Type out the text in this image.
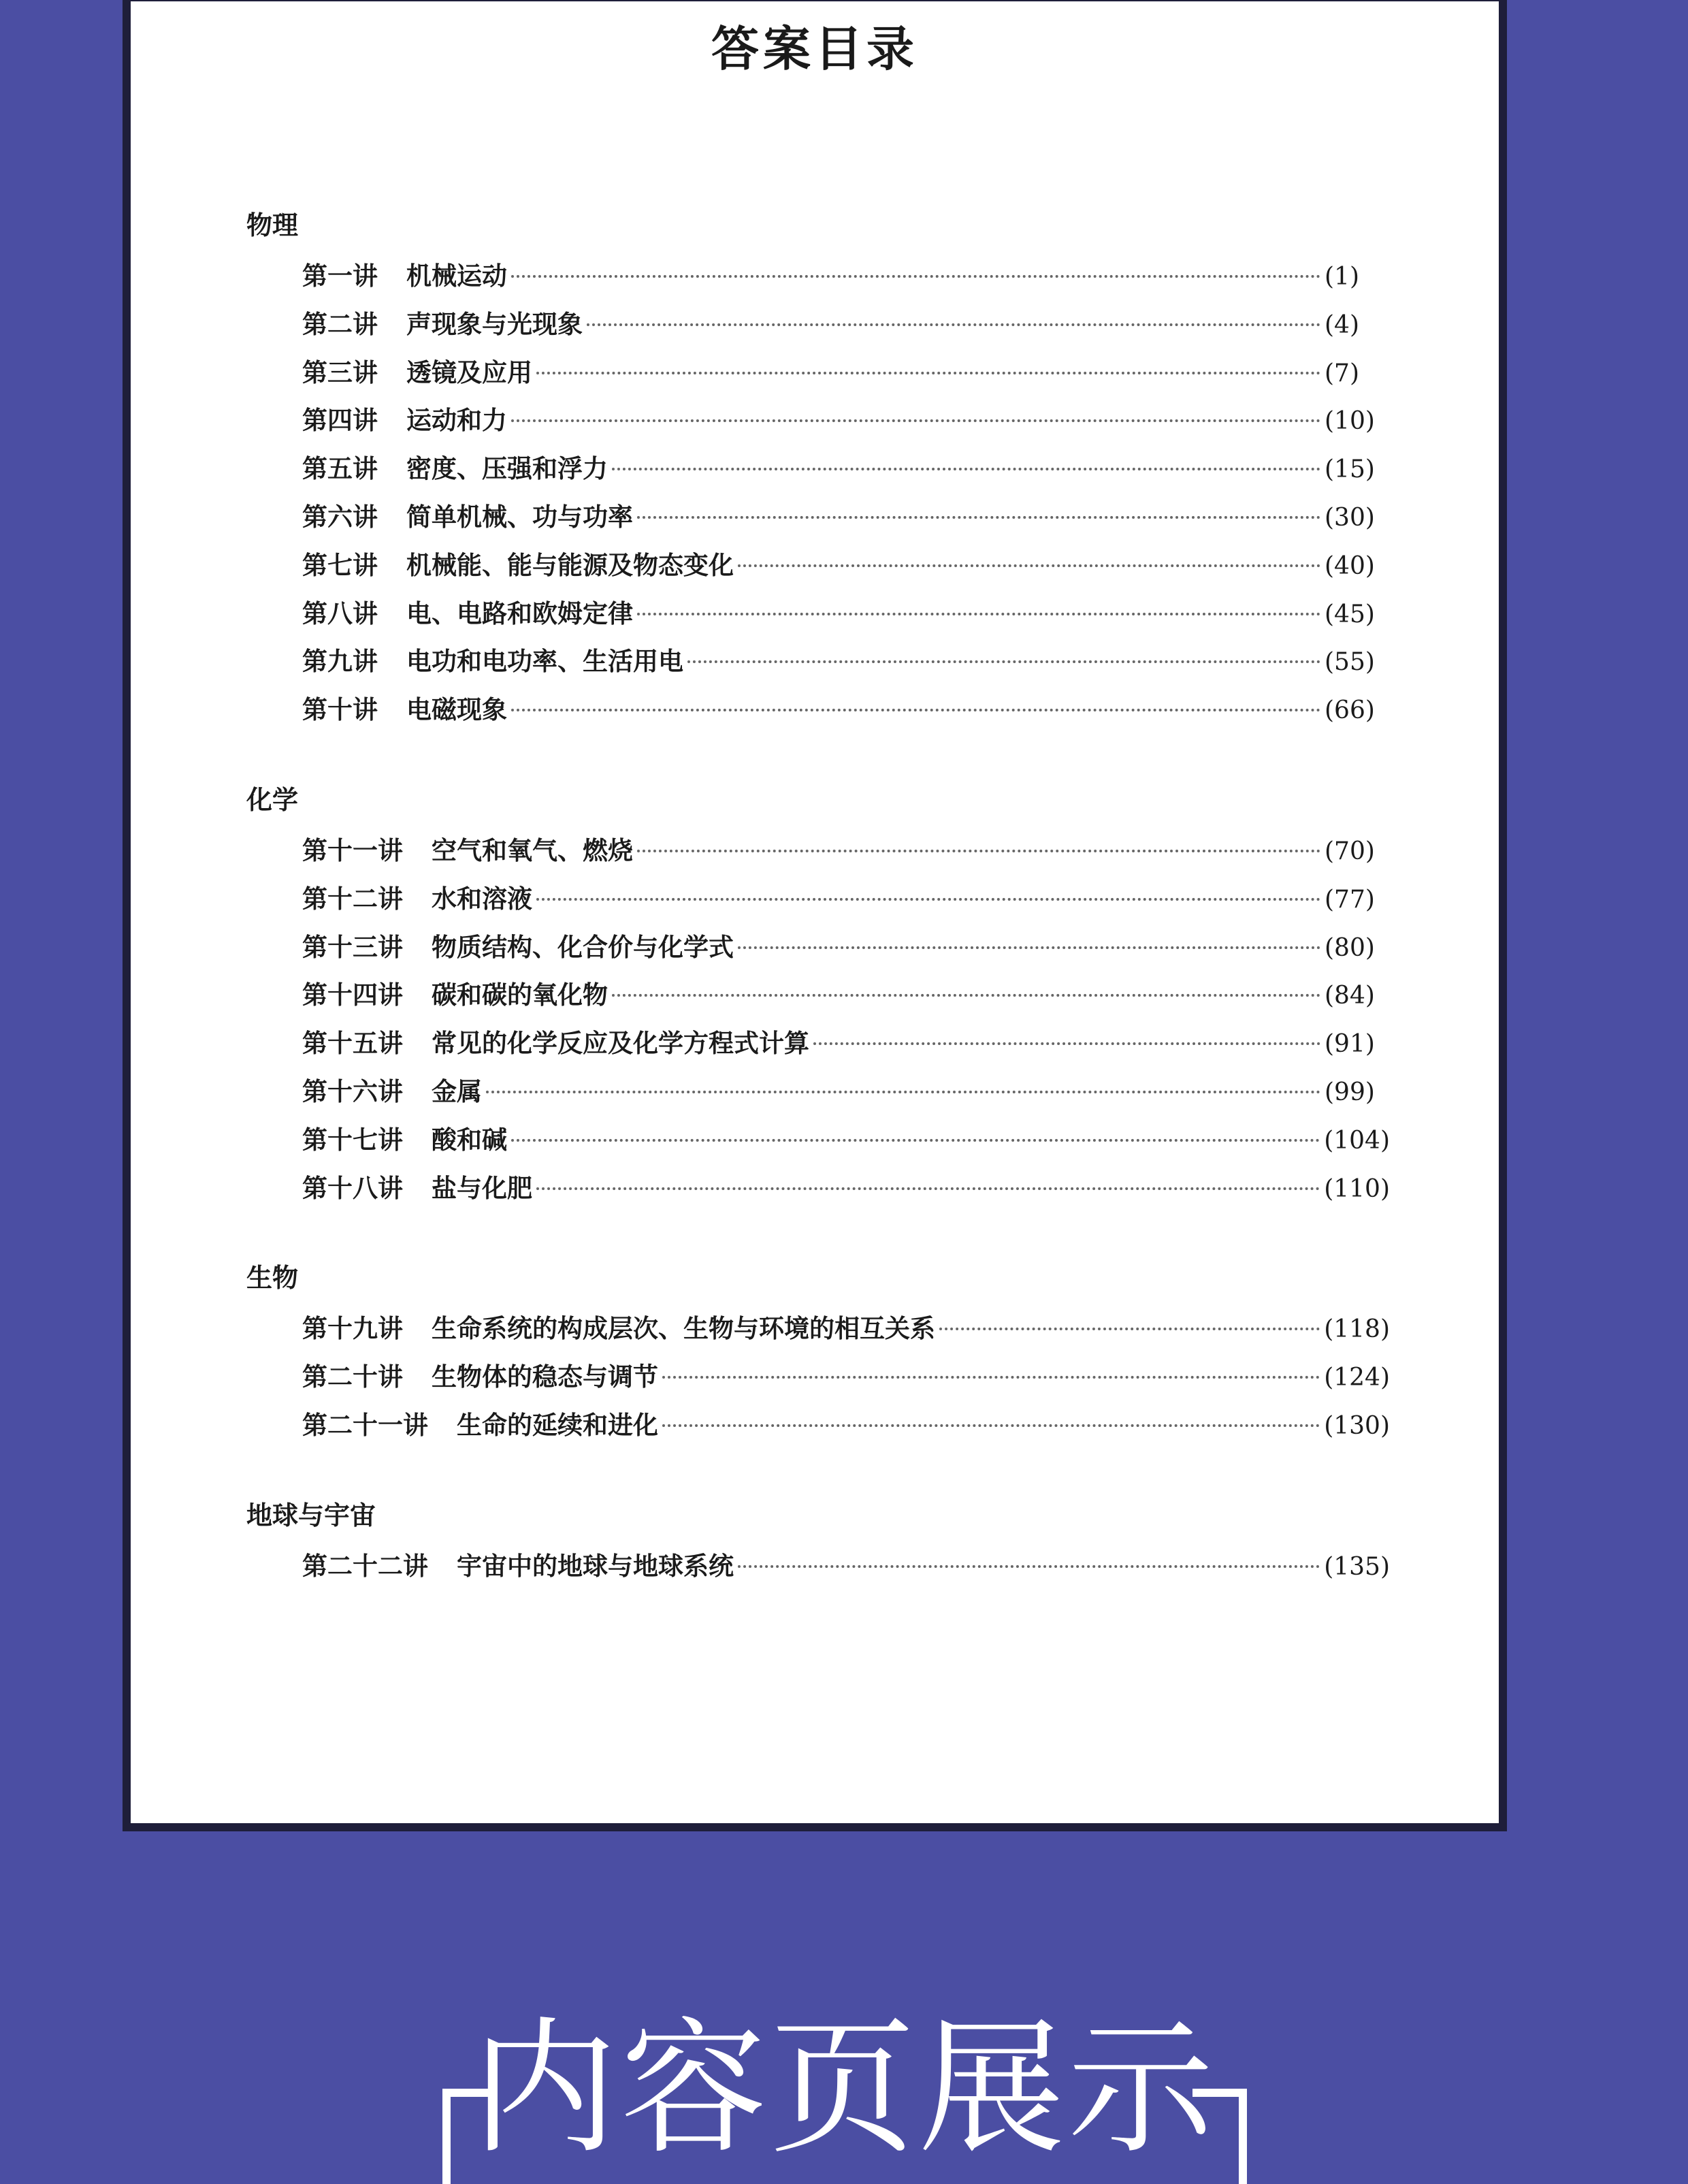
答案目录
物理
第一讲 机械运动	(1)
第二讲 声现象与光现象	(4)
第三讲 透镜及应用	(7)
第四讲 运动和力	(10)
第五讲 密度、压强和浮力	(15)
第六讲 简单机械、功与功率	(30)
第七讲 机械能、能与能源及物态变化	(40)
第八讲 电、电路和欧姆定律	(45)
第九讲 电功和电功率、生活用电	(55)
第十讲 电磁现象	(66)
化学
第十一讲 空气和氧气、燃烧	(70)
第十二讲 水和溶液	(77)
第十三讲 物质结构、化合价与化学式	(80)
第十四讲 碳和碳的氧化物	(84)
第十五讲 常见的化学反应及化学方程式计算	(91)
第十六讲 金属	(99)
第十七讲 酸和碱	(104)
第十八讲 盐与化肥	(110)
生物
第十九讲 生命系统的构成层次、生物与环境的相互关系	(118)
第二十讲 生物体的稳态与调节	(124)
第二十一讲 生命的延续和进化	(130)
地球与宇宙
第二十二讲 宇宙中的地球与地球系统	(135)
内容页展示
